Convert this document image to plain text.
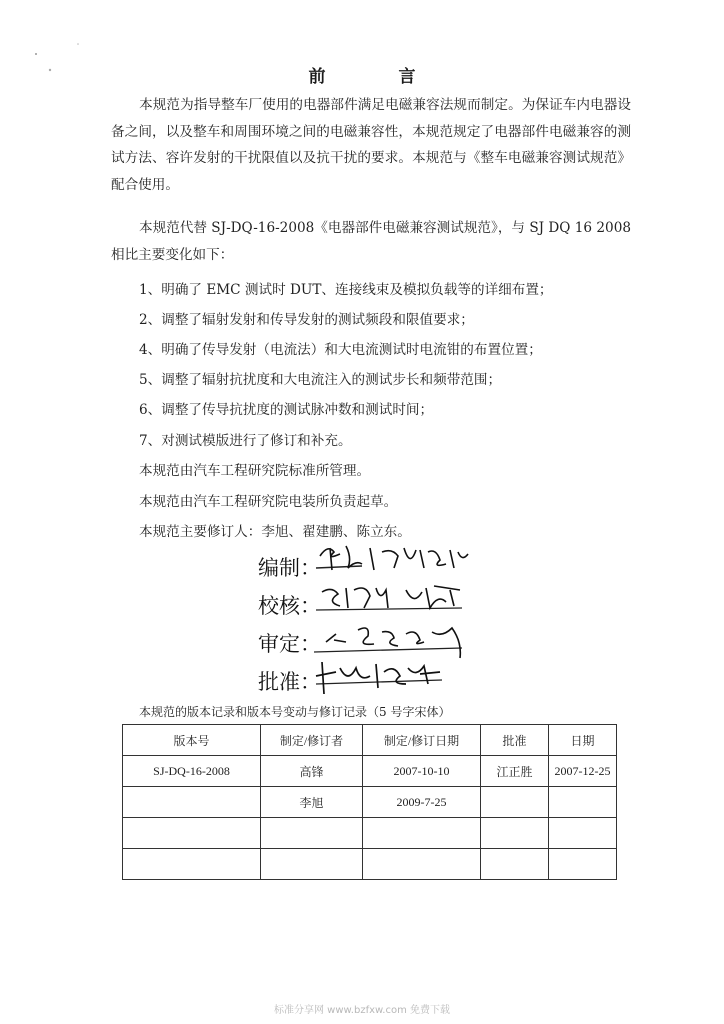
前　言
本规范为指导整车厂使用的电器部件满足电磁兼容法规而制定。为保证车内电器设备之间，以及整车和周围环境之间的电磁兼容性，本规范规定了电器部件电磁兼容的测试方法、容许发射的干扰限值以及抗干扰的要求。本规范与《整车电磁兼容测试规范》配合使用。
本规范代替 SJ-DQ-16-2008《电器部件电磁兼容测试规范》，与 SJ DQ 16 2008 相比主要变化如下：
1、明确了 EMC 测试时 DUT、连接线束及模拟负载等的详细布置；
2、调整了辐射发射和传导发射的测试频段和限值要求；
4、明确了传导发射（电流法）和大电流测试时电流钳的布置位置；
5、调整了辐射抗扰度和大电流注入的测试步长和频带范围；
6、调整了传导抗扰度的测试脉冲数和测试时间；
7、对测试模版进行了修订和补充。
本规范由汽车工程研究院标准所管理。
本规范由汽车工程研究院电装所负责起草。
本规范主要修订人：李旭、翟建鹏、陈立东。
编制：
校核：
审定：
批准：
本规范的版本记录和版本号变动与修订记录（5 号字宋体）
版本号	制定/修订者	制定/修订日期	批准	日期
SJ-DQ-16-2008	高锋	2007-10-10	江正胜	2007-12-25
	李旭	2009-7-25		

标准分享网 www.bzfxw.com 免费下载
